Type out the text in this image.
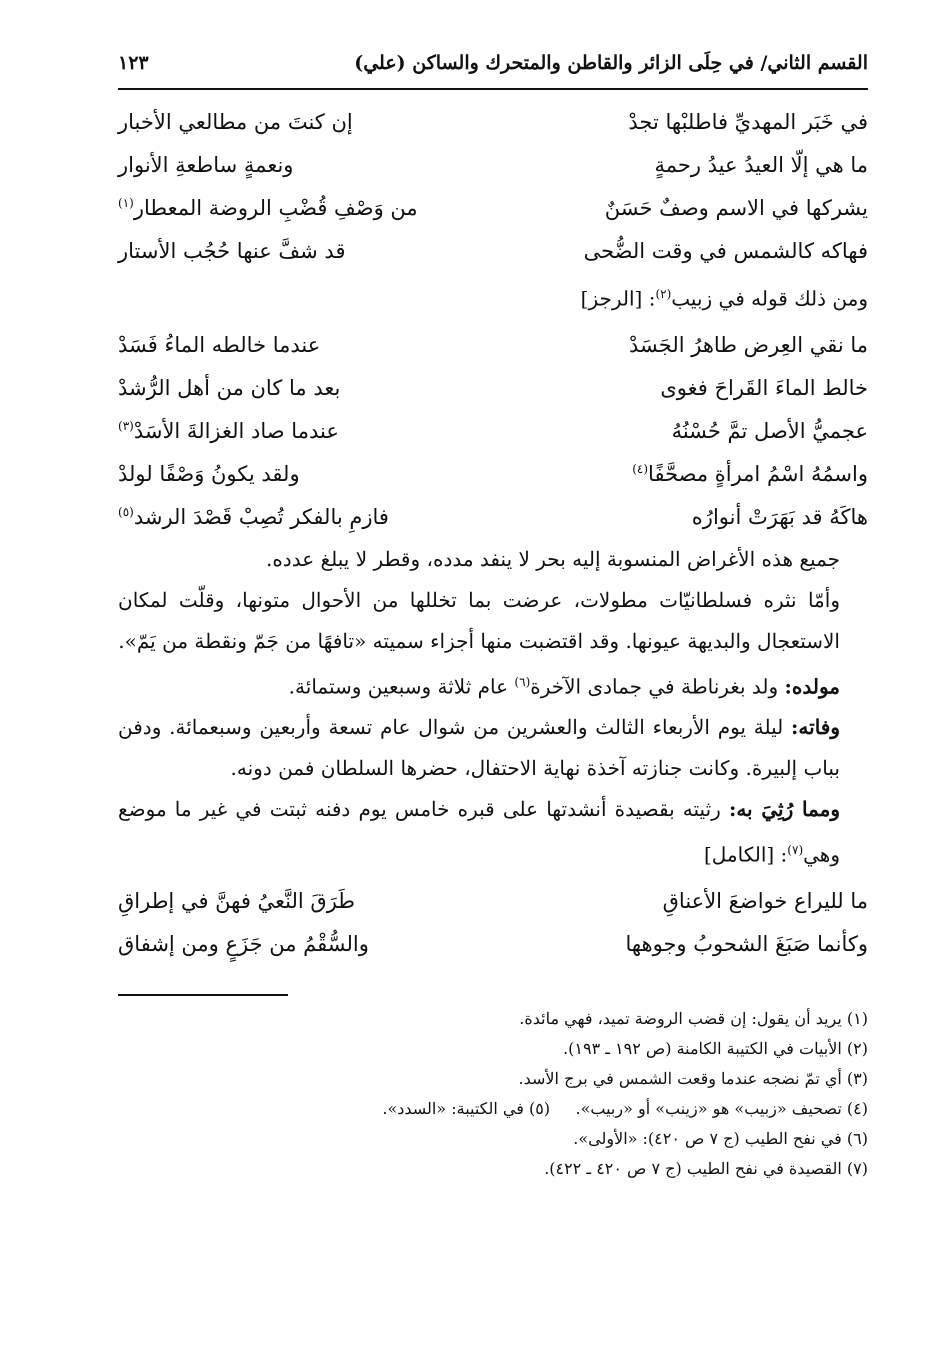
القسم الثاني/ في حِلَى الزائر والقاطن والمتحرك والساكن (علي)
١٢٣
في خَبَر المهديِّ فاطلبْها تجدْ
إن كنتَ من مطالعي الأخبار
ما هي إلّا العيدُ عيدُ رحمةٍ
ونعمةٍ ساطعةِ الأنوار
يشركها في الاسم وصفٌ حَسَنٌ
من وَصْفِ قُضْبِ الروضة المعطار$^{(١)}$
فهاكه كالشمس في وقت الضُّحى
قد شفَّ عنها حُجُب الأستار

ومن ذلك قوله في زبيب$^{(٢)}$: [الرجز]

ما نقي العِرض طاهرُ الجَسَدْ
عندما خالطه الماءُ فَسَدْ
خالط الماءَ القَراحَ فغوى
بعد ما كان من أهل الرُّشدْ
عجميُّ الأصل تمَّ حُسْنُهُ
عندما صاد الغزالةَ الأسَدْ$^{(٣)}$
واسمُهُ اسْمُ امرأةٍ مصحَّفًا$^{(٤)}$
ولقد يكونُ وَصْفًا لولدْ
هاكَهُ قد بَهَرَتْ أنوارُه
فازمِ بالفكر تُصِبْ قَصْدَ الرشد$^{(٥)}$

جميع هذه الأغراض المنسوبة إليه بحر لا ينفد مدده، وقطر لا يبلغ عدده.

وأمّا نثره فسلطانيّات مطولات، عرضت بما تخللها من الأحوال متونها، وقلّت لمكان الاستعجال والبديهة عيونها. وقد اقتضبت منها أجزاء سميته «تافهًا من جَمّ ونقطة من يَمّ».

مولده: ولد بغرناطة في جمادى الآخرة$^{(٦)}$ عام ثلاثة وسبعين وستمائة.

وفاته: ليلة يوم الأربعاء الثالث والعشرين من شوال عام تسعة وأربعين وسبعمائة. ودفن بباب إلبيرة. وكانت جنازته آخذة نهاية الاحتفال، حضرها السلطان فمن دونه.

ومما رُثِيَ به: رثيته بقصيدة أنشدتها على قبره خامس يوم دفنه ثبتت في غير ما موضع وهي$^{(٧)}$: [الكامل]

ما لليراع خواضعَ الأعناقِ
طَرَقَ النَّعيُ فهنَّ في إطراقِ
وكأنما صَبَغَ الشحوبُ وجوهها
والسُّقْمُ من جَزَعٍ ومن إشفاق
(١) يريد أن يقول: إن قضب الروضة تميد، فهي مائدة.
(٢) الأبيات في الكتيبة الكامنة (ص ١٩٢ ـ ١٩٣).
(٣) أي تمّ نضجه عندما وقعت الشمس في برج الأسد.
(٤) تصحيف «زبيب» هو «زينب» أو «ربيب».     (٥) في الكتيبة: «السدد».
(٦) في نفح الطيب (ج ٧ ص ٤٢٠): «الأولى».
(٧) القصيدة في نفح الطيب (ج ٧ ص ٤٢٠ ـ ٤٢٢).
